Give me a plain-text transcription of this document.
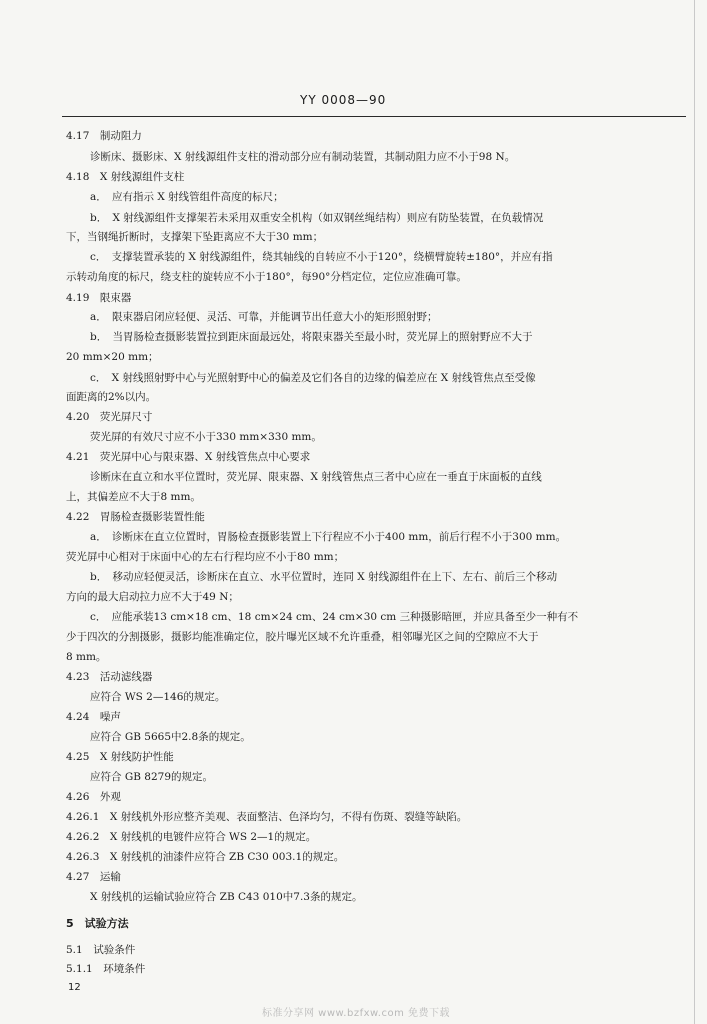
YY 0008—90
4.17　制动阻力
诊断床、摄影床、X 射线源组件支柱的滑动部分应有制动装置，其制动阻力应不小于98 N。
4.18　X 射线源组件支柱
a．　应有指示 X 射线管组件高度的标尺；
b．　X 射线源组件支撑架若未采用双重安全机构（如双钢丝绳结构）则应有防坠装置，在负载情况
下，当钢绳折断时，支撑架下坠距离应不大于30 mm；
c．　支撑装置承装的 X 射线源组件，绕其轴线的自转应不小于120°，绕横臂旋转±180°，并应有指
示转动角度的标尺，绕支柱的旋转应不小于180°，每90°分档定位，定位应准确可靠。
4.19　限束器
a．　限束器启闭应轻便、灵活、可靠，并能调节出任意大小的矩形照射野；
b．　当胃肠检查摄影装置拉到距床面最远处，将限束器关至最小时，荧光屏上的照射野应不大于
20 mm×20 mm；
c．　X 射线照射野中心与光照射野中心的偏差及它们各自的边缘的偏差应在 X 射线管焦点至受像
面距离的2%以内。
4.20　荧光屏尺寸
荧光屏的有效尺寸应不小于330 mm×330 mm。
4.21　荧光屏中心与限束器、X 射线管焦点中心要求
诊断床在直立和水平位置时，荧光屏、限束器、X 射线管焦点三者中心应在一垂直于床面板的直线
上，其偏差应不大于8 mm。
4.22　胃肠检查摄影装置性能
a．　诊断床在直立位置时，胃肠检查摄影装置上下行程应不小于400 mm，前后行程不小于300 mm。
荧光屏中心相对于床面中心的左右行程均应不小于80 mm；
b．　移动应轻便灵活，诊断床在直立、水平位置时，连同 X 射线源组件在上下、左右、前后三个移动
方向的最大启动拉力应不大于49 N；
c．　应能承装13 cm×18 cm、18 cm×24 cm、24 cm×30 cm 三种摄影暗匣，并应具备至少一种有不
少于四次的分割摄影，摄影均能准确定位，胶片曝光区域不允许重叠，相邻曝光区之间的空隙应不大于
8 mm。
4.23　活动滤线器
应符合 WS 2—146的规定。
4.24　噪声
应符合 GB 5665中2.8条的规定。
4.25　X 射线防护性能
应符合 GB 8279的规定。
4.26　外观
4.26.1　X 射线机外形应整齐美观、表面整洁、色泽均匀，不得有伤斑、裂缝等缺陷。
4.26.2　X 射线机的电镀件应符合 WS 2—1的规定。
4.26.3　X 射线机的油漆件应符合 ZB C30 003.1的规定。
4.27　运输
X 射线机的运输试验应符合 ZB C43 010中7.3条的规定。
5　试验方法
5.1　试验条件
5.1.1　环境条件
12
标准分享网 www.bzfxw.com 免费下载
